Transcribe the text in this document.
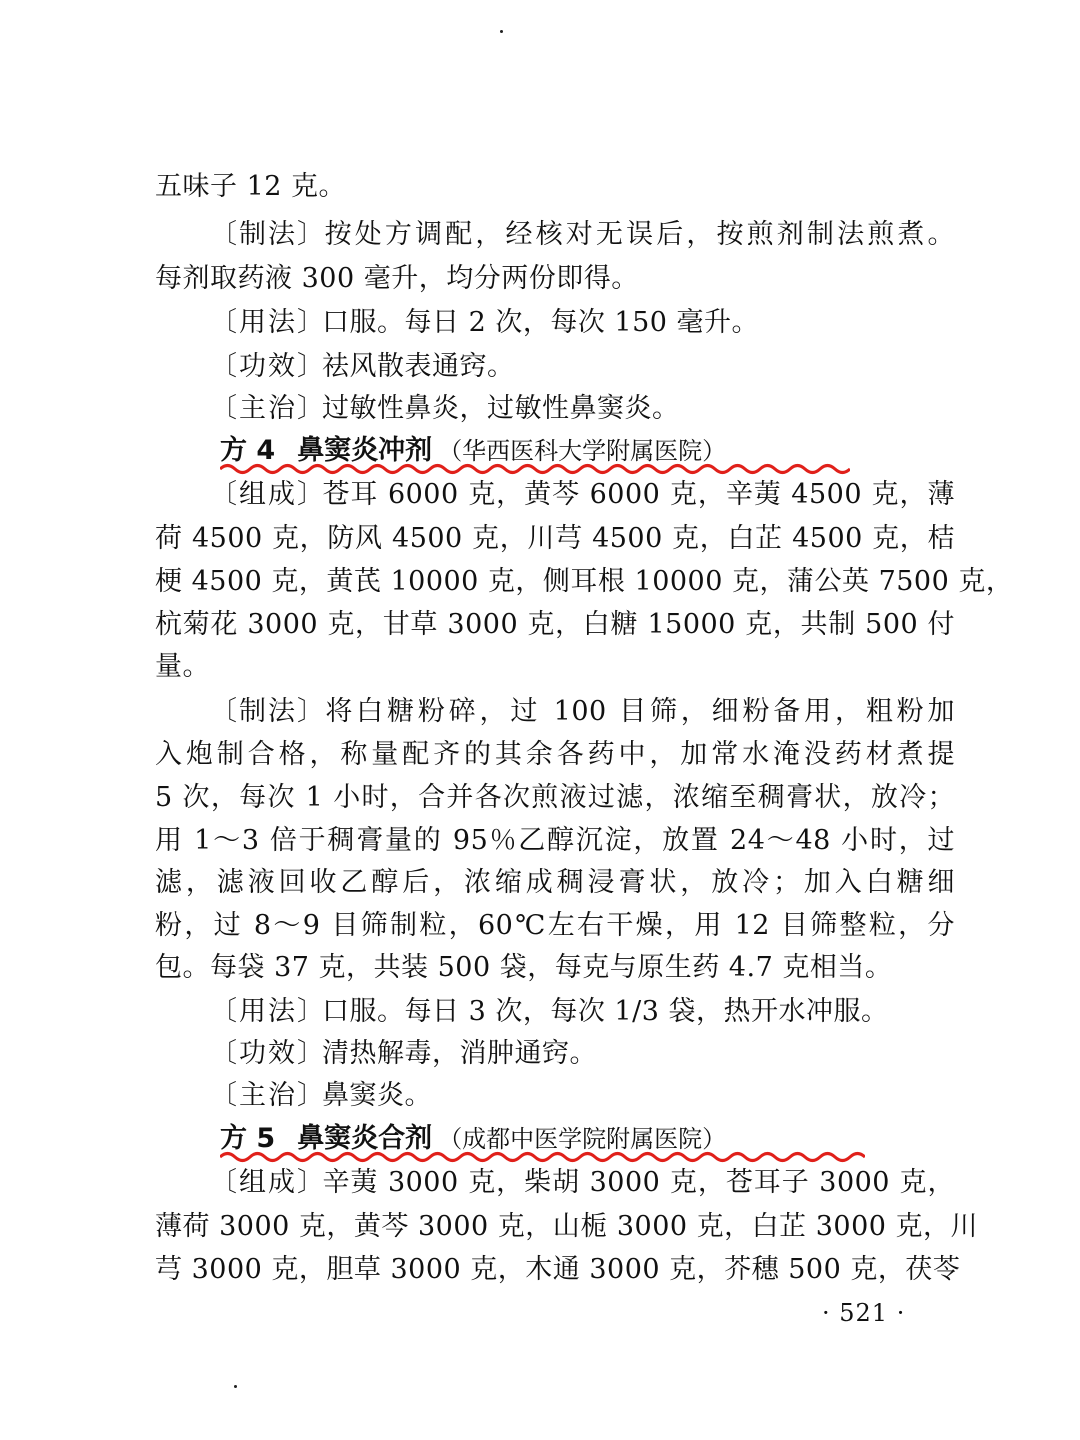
五味子 12 克。
〔制法〕按处方调配，经核对无误后，按煎剂制法煎煮。
每剂取药液 300 毫升，均分两份即得。
〔用法〕口服。每日 2 次，每次 150 毫升。
〔功效〕祛风散表通窍。
〔主治〕过敏性鼻炎，过敏性鼻窦炎。
方 4 鼻窦炎冲剂 （华西医科大学附属医院）
〔组成〕苍耳 6000 克，黄芩 6000 克，辛荑 4500 克，薄
荷 4500 克，防风 4500 克，川芎 4500 克，白芷 4500 克，桔
梗 4500 克，黄芪 10000 克，侧耳根 10000 克，蒲公英 7500 克，
杭菊花 3000 克，甘草 3000 克，白糖 15000 克，共制 500 付
量。
〔制法〕将白糖粉碎，过 100 目筛，细粉备用，粗粉加
入炮制合格，称量配齐的其余各药中，加常水淹没药材煮提
5 次，每次 1 小时，合并各次煎液过滤，浓缩至稠膏状，放冷；
用 1～3 倍于稠膏量的 95％乙醇沉淀，放置 24～48 小时，过
滤，滤液回收乙醇后，浓缩成稠浸膏状，放冷；加入白糖细
粉，过 8～9 目筛制粒，60℃左右干燥，用 12 目筛整粒，分
包。每袋 37 克，共装 500 袋，每克与原生药 4.7 克相当。
〔用法〕口服。每日 3 次，每次 1/3 袋，热开水冲服。
〔功效〕清热解毒，消肿通窍。
〔主治〕鼻窦炎。
方 5 鼻窦炎合剂 （成都中医学院附属医院）
〔组成〕辛荑 3000 克，柴胡 3000 克，苍耳子 3000 克，
薄荷 3000 克，黄芩 3000 克，山栀 3000 克，白芷 3000 克，川
芎 3000 克，胆草 3000 克，木通 3000 克，芥穗 500 克，茯苓
· 521 ·
